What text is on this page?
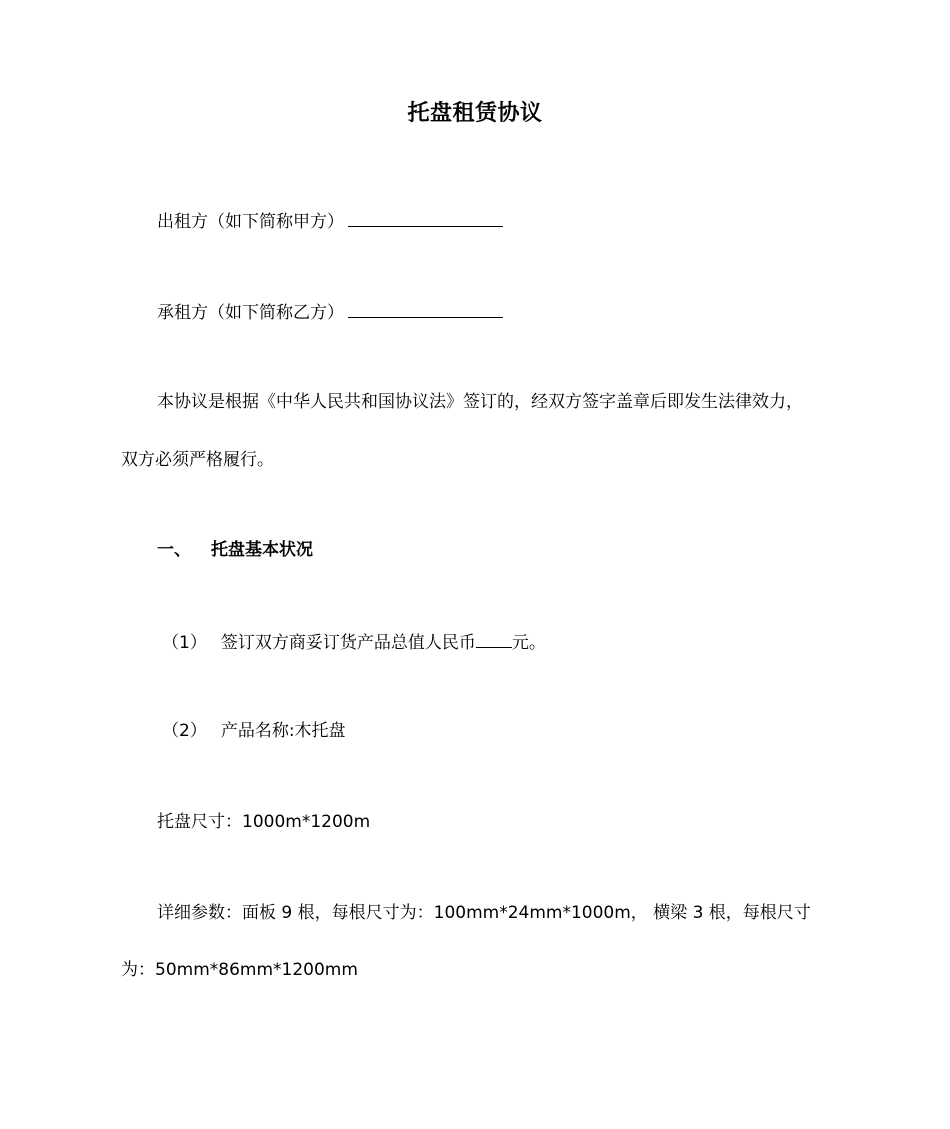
托盘租赁协议
出租方（如下简称甲方）
承租方（如下简称乙方）
本协议是根据《中华人民共和国协议法》签订的，经双方签字盖章后即发生法律效力，
双方必须严格履行。
一、 托盘基本状况
（1） 签订双方商妥订货产品总值人民币 元。
（2） 产品名称:木托盘
托盘尺寸：1000m*1200m
详细参数：面板 9 根，每根尺寸为：100mm*24mm*1000m， 横梁 3 根，每根尺寸
为：50mm*86mm*1200mm
